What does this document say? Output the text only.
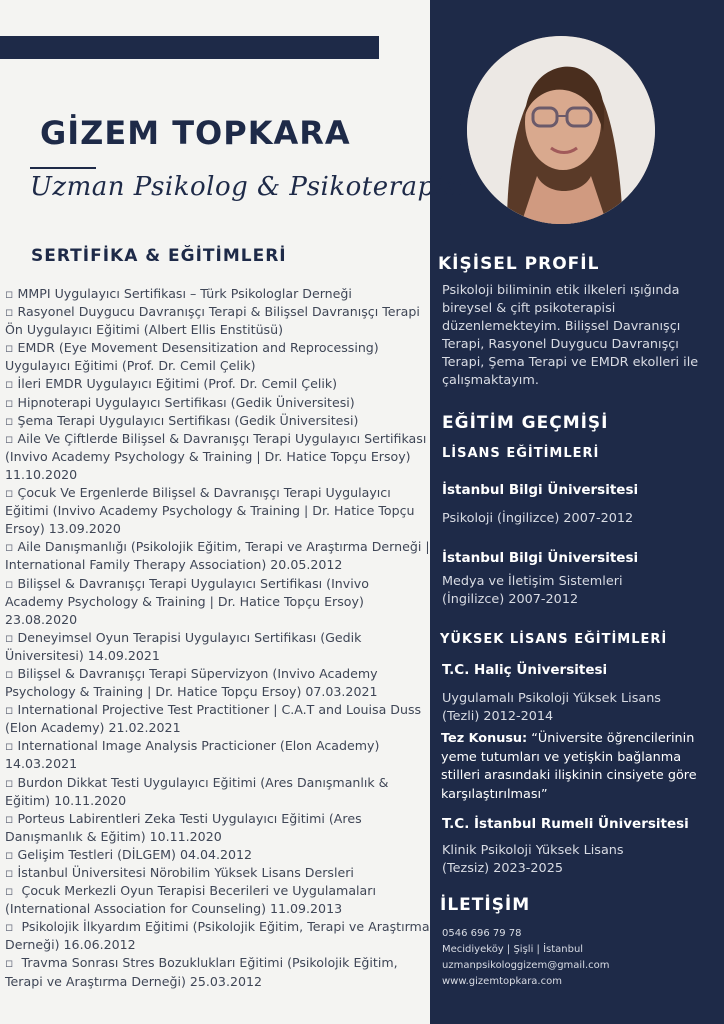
GİZEM TOPKARA
Uzman Psikolog & Psikoterapist
SERTİFİKA & EĞİTİMLERİ
▫ MMPI Uygulayıcı Sertifikası – Türk Psikologlar Derneği
▫ Rasyonel Duygucu Davranışçı Terapi & Bilişsel Davranışçı Terapi Ön Uygulayıcı Eğitimi (Albert Ellis Enstitüsü)
▫ EMDR (Eye Movement Desensitization and Reprocessing) Uygulayıcı Eğitimi (Prof. Dr. Cemil Çelik)
▫ İleri EMDR Uygulayıcı Eğitimi (Prof. Dr. Cemil Çelik)
▫ Hipnoterapi Uygulayıcı Sertifikası (Gedik Üniversitesi)
▫ Şema Terapi Uygulayıcı Sertifikası (Gedik Üniversitesi)
▫ Aile Ve Çiftlerde Bilişsel & Davranışçı Terapi Uygulayıcı Sertifikası (Invivo Academy Psychology & Training | Dr. Hatice Topçu Ersoy) 11.10.2020
▫ Çocuk Ve Ergenlerde Bilişsel & Davranışçı Terapi Uygulayıcı Eğitimi (Invivo Academy Psychology & Training | Dr. Hatice Topçu Ersoy) 13.09.2020
▫ Aile Danışmanlığı (Psikolojik Eğitim, Terapi ve Araştırma Derneği | International Family Therapy Association) 20.05.2012
▫ Bilişsel & Davranışçı Terapi Uygulayıcı Sertifikası (Invivo Academy Psychology & Training | Dr. Hatice Topçu Ersoy) 23.08.2020
▫ Deneyimsel Oyun Terapisi Uygulayıcı Sertifikası (Gedik Üniversitesi) 14.09.2021
▫ Bilişsel & Davranışçı Terapi Süpervizyon (Invivo Academy Psychology & Training | Dr. Hatice Topçu Ersoy) 07.03.2021
▫ International Projective Test Practitioner | C.A.T and Louisa Duss (Elon Academy) 21.02.2021
▫ International Image Analysis Practicioner (Elon Academy) 14.03.2021
▫ Burdon Dikkat Testi Uygulayıcı Eğitimi (Ares Danışmanlık & Eğitim) 10.11.2020
▫ Porteus Labirentleri Zeka Testi Uygulayıcı Eğitimi (Ares Danışmanlık & Eğitim) 10.11.2020
▫ Gelişim Testleri (DİLGEM) 04.04.2012
▫ İstanbul Üniversitesi Nörobilim Yüksek Lisans Dersleri
▫  Çocuk Merkezli Oyun Terapisi Becerileri ve Uygulamaları (International Association for Counseling) 11.09.2013
▫  Psikolojik İlkyardım Eğitimi (Psikolojik Eğitim, Terapi ve Araştırma Derneği) 16.06.2012
▫  Travma Sonrası Stres Bozuklukları Eğitimi (Psikolojik Eğitim, Terapi ve Araştırma Derneği) 25.03.2012
KİŞİSEL PROFİL

Psikoloji biliminin etik ilkeleri ışığında bireysel & çift psikoterapisi düzenlemekteyim. Bilişsel Davranışçı Terapi, Rasyonel Duygucu Davranışçı Terapi, Şema Terapi ve EMDR ekolleri ile çalışmaktayım.

EĞİTİM GEÇMİŞİ
LİSANS EĞİTİMLERİ

İstanbul Bilgi Üniversitesi

Psikoloji (İngilizce) 2007-2012

İstanbul Bilgi Üniversitesi

Medya ve İletişim Sistemleri (İngilizce) 2007-2012

YÜKSEK LİSANS EĞİTİMLERİ

T.C. Haliç Üniversitesi

Uygulamalı Psikoloji Yüksek Lisans (Tezli) 2012-2014

Tez Konusu: “Üniversite öğrencilerinin yeme tutumları ve yetişkin bağlanma stilleri arasındaki ilişkinin cinsiyete göre karşılaştırılması”

T.C. İstanbul Rumeli Üniversitesi

Klinik Psikoloji Yüksek Lisans (Tezsiz) 2023-2025

İLETİŞİM

0546 696 79 78

Mecidiyeköy | Şişli | İstanbul

uzmanpsikologgizem@gmail.com

www.gizemtopkara.com
